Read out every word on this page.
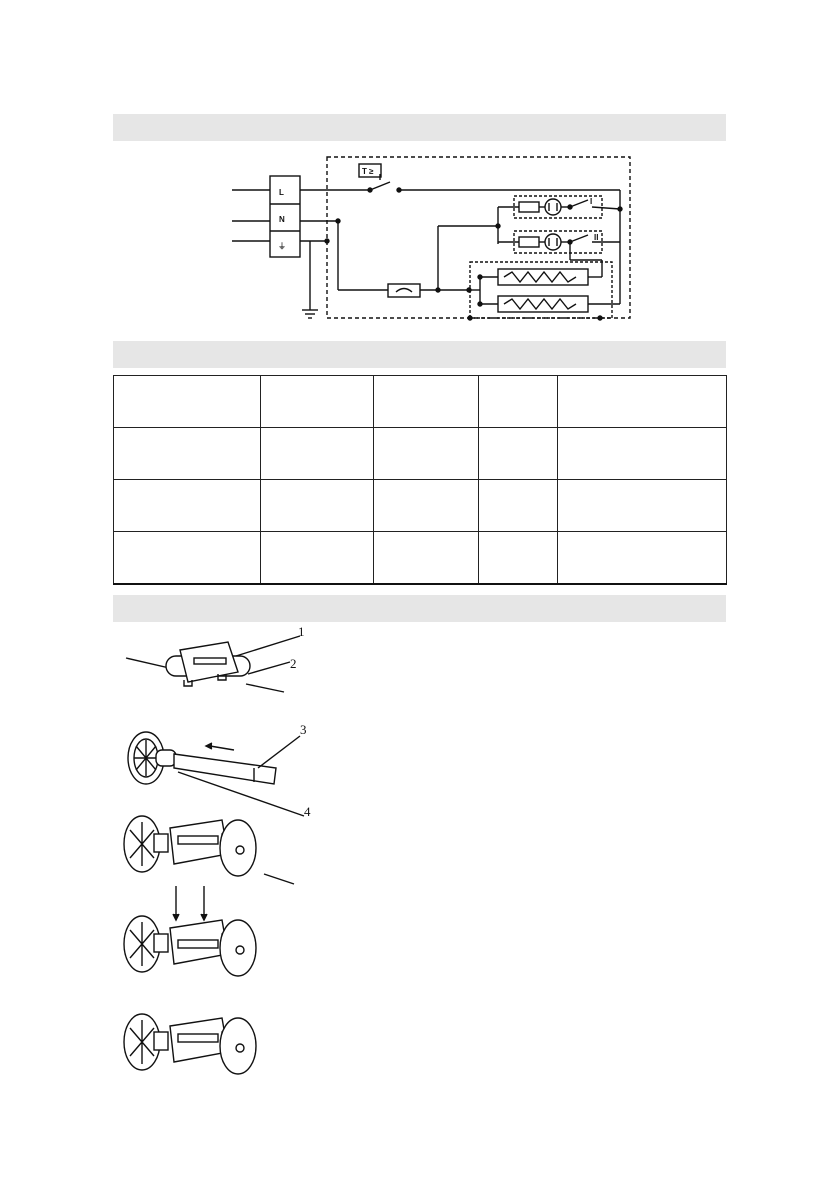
L
N
⏚
T ≥
I
II

1
2
3
4
